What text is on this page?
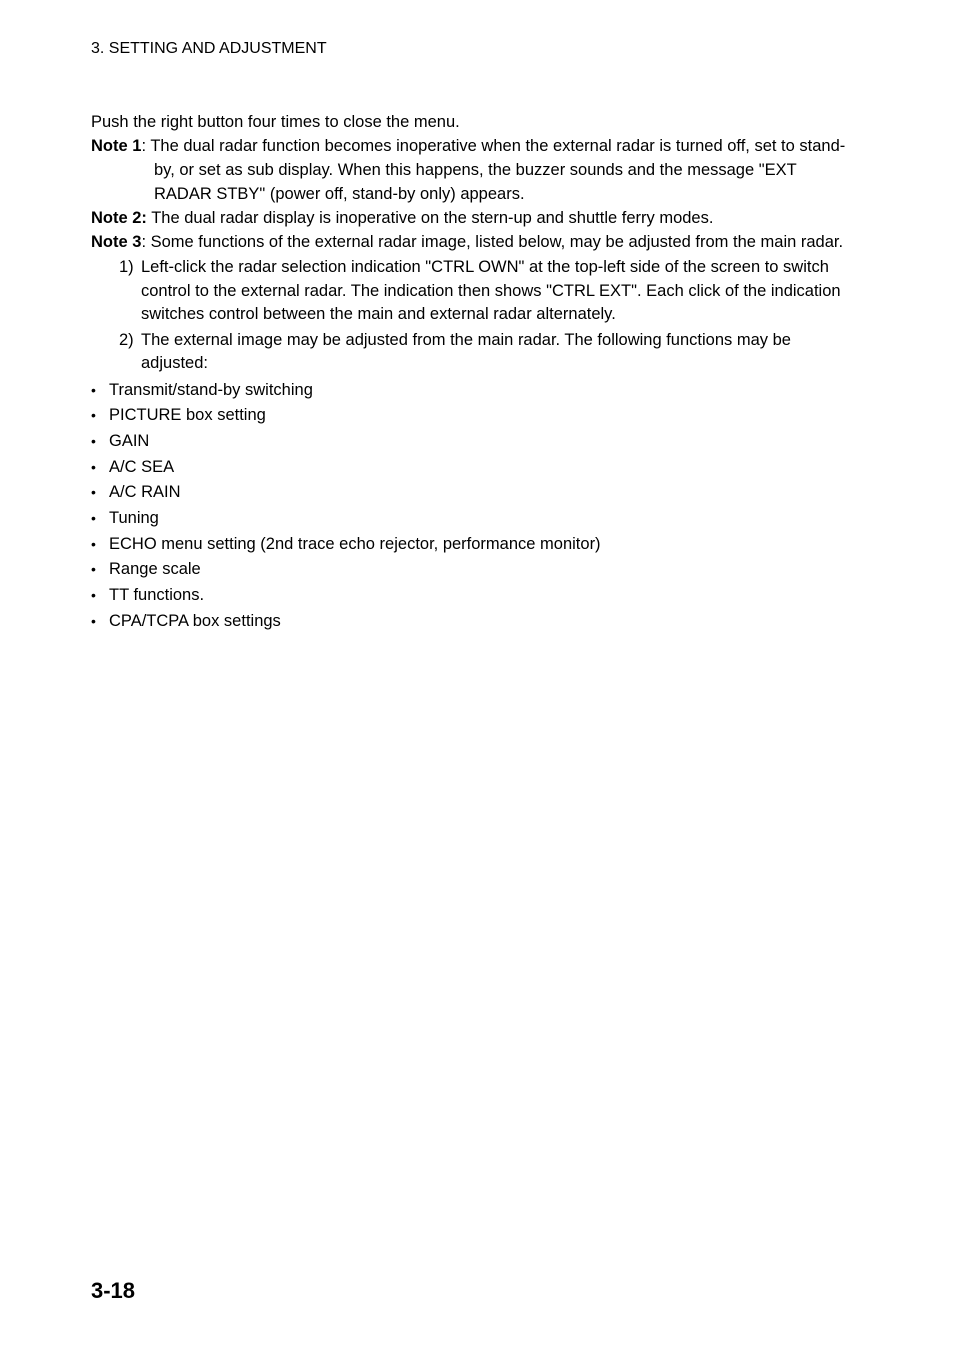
3. SETTING AND ADJUSTMENT

Push the right button four times to close the menu.

Note 1: The dual radar function becomes inoperative when the external radar is turned off, set to stand-by, or set as sub display. When this happens, the buzzer sounds and the message "EXT RADAR STBY" (power off, stand-by only) appears.

Note 2: The dual radar display is inoperative on the stern-up and shuttle ferry modes.

Note 3: Some functions of the external radar image, listed below, may be adjusted from the main radar.

1) Left-click the radar selection indication "CTRL OWN" at the top-left side of the screen to switch control to the external radar. The indication then shows "CTRL EXT". Each click of the indication switches control between the main and external radar alternately.
2) The external image may be adjusted from the main radar. The following functions may be adjusted:
• Transmit/stand-by switching
• PICTURE box setting
• GAIN
• A/C SEA
• A/C RAIN
• Tuning
• ECHO menu setting (2nd trace echo rejector, performance monitor)
• Range scale
• TT functions.
• CPA/TCPA box settings
3-18
